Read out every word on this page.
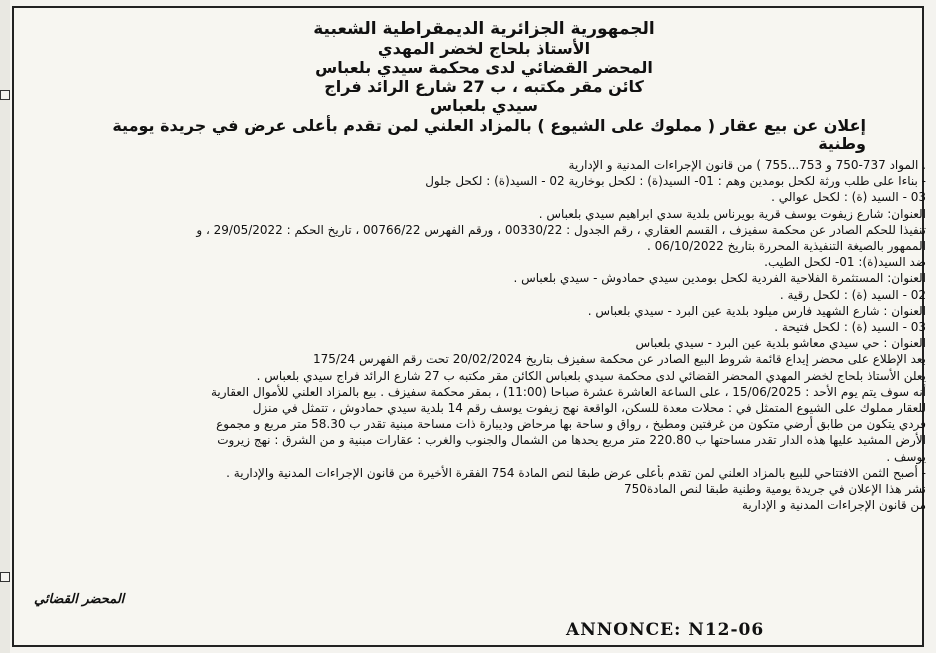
الجمهورية الجزائرية الديمقراطية الشعبية
الأستاذ بلحاج لخضر المهدي
المحضر القضائي لدى محكمة سيدي بلعباس
كائن مقر مكتبه ، ب 27 شارع الرائد فراج
سيدي بلعباس
إعلان عن بيع عقار ( مملوك على الشيوع ) بالمزاد العلني لمن تقدم بأعلى عرض في جريدة يومية
وطنية
. المواد 737-750 و 753...755 ) من قانون الإجراءات المدنية و الإدارية
- بناءا على طلب ورثة لكحل بومدين وهم : 01- السيد(ة) : لكحل بوخارية 02 - السيد(ة) : لكحل جلول
03 - السيد (ة) : لكحل عوالي .
العنوان: شارع زيفوت يوسف قرية بويرناس بلدية سدي ابراهيم سيدي بلعباس .
تنفيذا للحكم الصادر عن محكمة سفيزف ، القسم العقاري ، رقم الجدول : 00330/22 ، ورقم الفهرس 00766/22 ، تاريخ الحكم : 29/05/2022 ، و
الممهور بالصيغة التنفيذية المحررة بتاريخ 06/10/2022 .
ضد السيد(ة): 01- لكحل الطيب.
العنوان: المستثمرة الفلاحية الفردية لكحل بومدين سيدي حمادوش - سيدي بلعباس .
02 - السيد (ة) : لكحل رقية .
العنوان : شارع الشهيد فارس ميلود بلدية عين البرد - سيدي بلعباس .
03 - السيد (ة) : لكحل فتيحة .
العنوان : حي سيدي معاشو بلدية عين البرد - سيدي بلعباس
بعد الإطلاع على محضر إيداع قائمة شروط البيع الصادر عن محكمة سفيزف بتاريخ 20/02/2024 تحت رقم الفهرس 175/24
يعلن الأستاذ بلحاج لخضر المهدي المحضر القضائي لدى محكمة سيدي بلعباس الكائن مقر مكتبه ب 27 شارع الرائد فراج سيدي بلعباس .
أنه سوف يتم يوم الأحد : 15/06/2025 ، على الساعة العاشرة عشرة صباحا (11:00) ، بمقر محكمة سفيزف . بيع بالمزاد العلني للأموال العقارية
للعقار مملوك على الشيوع المتمثل في : محلات معدة للسكن، الواقعة نهج زيفوت يوسف رقم 14 بلدية سيدي حمادوش ، تتمثل في منزل
فردي يتكون من طابق أرضي متكون من غرفتين ومطبخ ، رواق و ساحة بها مرحاض وديبارة ذات مساحة مبنية تقدر ب 58.30 متر مربع و مجموع
الأرض المشيد عليها هذه الدار تقدر مساحتها ب 220.80 متر مربع يحدها من الشمال والجنوب والغرب : عقارات مبنية و من الشرق : نهج زيروت
يوسف .
- أصبح الثمن الافتتاحي للبيع بالمزاد العلني لمن تقدم بأعلى عرض طبقا لنص المادة 754 الفقرة الأخيرة من قانون الإجراءات المدنية والإدارية .
نشر هذا الإعلان في جريدة يومية وطنية طبقا لنص المادة750
من قانون الإجراءات المدنية و الإدارية
المحضر القضائي
ANNONCE: N12-06
